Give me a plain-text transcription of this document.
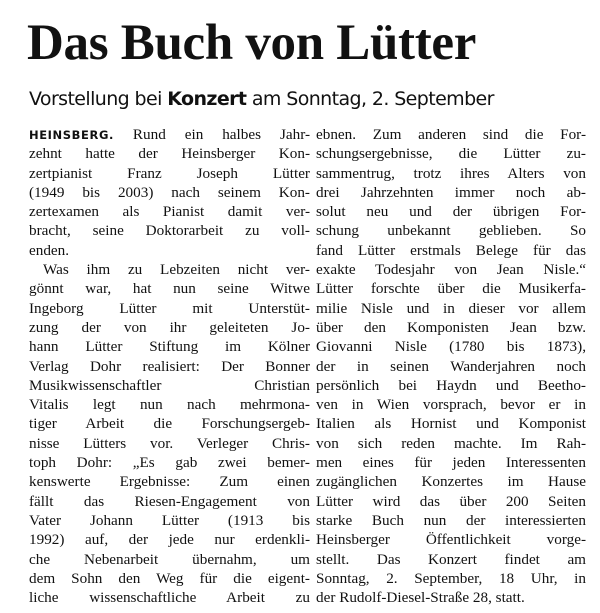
Das Buch von Lütter
Vorstellung bei Konzert am Sonntag, 2. September
HEINSBERG. Rund ein halbes Jahr-
zehnt hatte der Heinsberger Kon-
zertpianist Franz Joseph Lütter
(1949 bis 2003) nach seinem Kon-
zertexamen als Pianist damit ver-
bracht, seine Doktorarbeit zu voll-
enden.
Was ihm zu Lebzeiten nicht ver-
gönnt war, hat nun seine Witwe
Ingeborg Lütter mit Unterstüt-
zung der von ihr geleiteten Jo-
hann Lütter Stiftung im Kölner
Verlag Dohr realisiert: Der Bonner
Musikwissenschaftler Christian
Vitalis legt nun nach mehrmona-
tiger Arbeit die Forschungsergeb-
nisse Lütters vor. Verleger Chris-
toph Dohr: „Es gab zwei bemer-
kenswerte Ergebnisse: Zum einen
fällt das Riesen-Engagement von
Vater Johann Lütter (1913 bis
1992) auf, der jede nur erdenkli-
che Nebenarbeit übernahm, um
dem Sohn den Weg für die eigent-
liche wissenschaftliche Arbeit zu
ebnen. Zum anderen sind die For-
schungsergebnisse, die Lütter zu-
sammentrug, trotz ihres Alters von
drei Jahrzehnten immer noch ab-
solut neu und der übrigen For-
schung unbekannt geblieben. So
fand Lütter erstmals Belege für das
exakte Todesjahr von Jean Nisle.“
Lütter forschte über die Musikerfa-
milie Nisle und in dieser vor allem
über den Komponisten Jean bzw.
Giovanni Nisle (1780 bis 1873),
der in seinen Wanderjahren noch
persönlich bei Haydn und Beetho-
ven in Wien vorsprach, bevor er in
Italien als Hornist und Komponist
von sich reden machte. Im Rah-
men eines für jeden Interessenten
zugänglichen Konzertes im Hause
Lütter wird das über 200 Seiten
starke Buch nun der interessierten
Heinsberger Öffentlichkeit vorge-
stellt. Das Konzert findet am
Sonntag, 2. September, 18 Uhr, in
der Rudolf-Diesel-Straße 28, statt.
